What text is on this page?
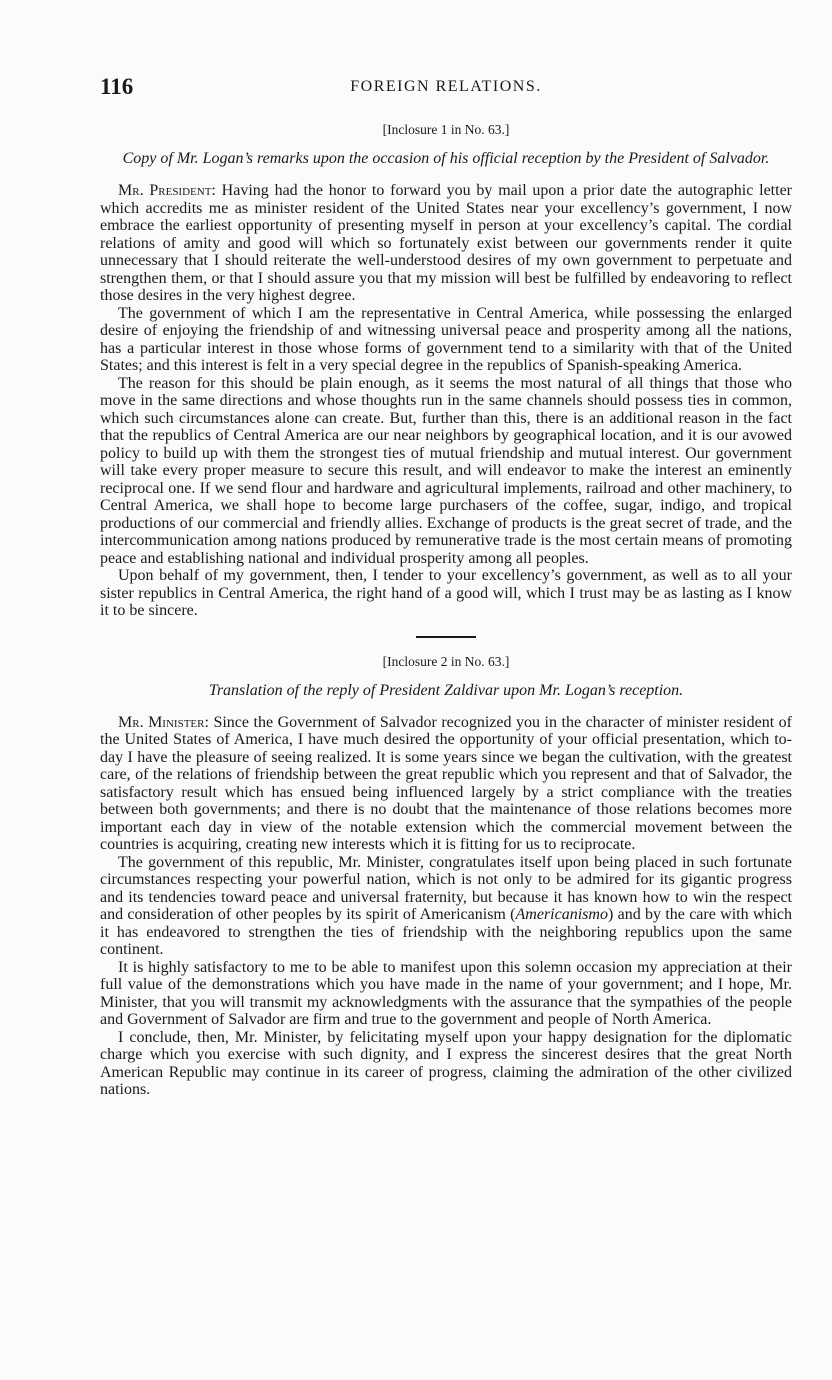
116	FOREIGN RELATIONS.
[Inclosure 1 in No. 63.]
Copy of Mr. Logan’s remarks upon the occasion of his official reception by the President of Salvador.

Mr. President: Having had the honor to forward you by mail upon a prior date the autographic letter which accredits me as minister resident of the United States near your excellency’s government, I now embrace the earliest opportunity of presenting myself in person at your excellency’s capital. The cordial relations of amity and good will which so fortunately exist between our governments render it quite unnecessary that I should reiterate the well-understood desires of my own government to perpetuate and strengthen them, or that I should assure you that my mission will best be fulfilled by endeavoring to reflect those desires in the very highest degree.

The government of which I am the representative in Central America, while possessing the enlarged desire of enjoying the friendship of and witnessing universal peace and prosperity among all the nations, has a particular interest in those whose forms of government tend to a similarity with that of the United States; and this interest is felt in a very special degree in the republics of Spanish-speaking America.

The reason for this should be plain enough, as it seems the most natural of all things that those who move in the same directions and whose thoughts run in the same channels should possess ties in common, which such circumstances alone can create. But, further than this, there is an additional reason in the fact that the republics of Central America are our near neighbors by geographical location, and it is our avowed policy to build up with them the strongest ties of mutual friendship and mutual interest. Our government will take every proper measure to secure this result, and will endeavor to make the interest an eminently reciprocal one. If we send flour and hardware and agricultural implements, railroad and other machinery, to Central America, we shall hope to become large purchasers of the coffee, sugar, indigo, and tropical productions of our commercial and friendly allies. Exchange of products is the great secret of trade, and the intercommunication among nations produced by remunerative trade is the most certain means of promoting peace and establishing national and individual prosperity among all peoples.

Upon behalf of my government, then, I tender to your excellency’s government, as well as to all your sister republics in Central America, the right hand of a good will, which I trust may be as lasting as I know it to be sincere.

[Inclosure 2 in No. 63.]
Translation of the reply of President Zaldivar upon Mr. Logan’s reception.

Mr. Minister: Since the Government of Salvador recognized you in the character of minister resident of the United States of America, I have much desired the opportunity of your official presentation, which to-day I have the pleasure of seeing realized. It is some years since we began the cultivation, with the greatest care, of the relations of friendship between the great republic which you represent and that of Salvador, the satisfactory result which has ensued being influenced largely by a strict compliance with the treaties between both governments; and there is no doubt that the maintenance of those relations becomes more important each day in view of the notable extension which the commercial movement between the countries is acquiring, creating new interests which it is fitting for us to reciprocate.

The government of this republic, Mr. Minister, congratulates itself upon being placed in such fortunate circumstances respecting your powerful nation, which is not only to be admired for its gigantic progress and its tendencies toward peace and universal fraternity, but because it has known how to win the respect and consideration of other peoples by its spirit of Americanism (Americanismo) and by the care with which it has endeavored to strengthen the ties of friendship with the neighboring republics upon the same continent.

It is highly satisfactory to me to be able to manifest upon this solemn occasion my appreciation at their full value of the demonstrations which you have made in the name of your government; and I hope, Mr. Minister, that you will transmit my acknowledgments with the assurance that the sympathies of the people and Government of Salvador are firm and true to the government and people of North America.

I conclude, then, Mr. Minister, by felicitating myself upon your happy designation for the diplomatic charge which you exercise with such dignity, and I express the sincerest desires that the great North American Republic may continue in its career of progress, claiming the admiration of the other civilized nations.
